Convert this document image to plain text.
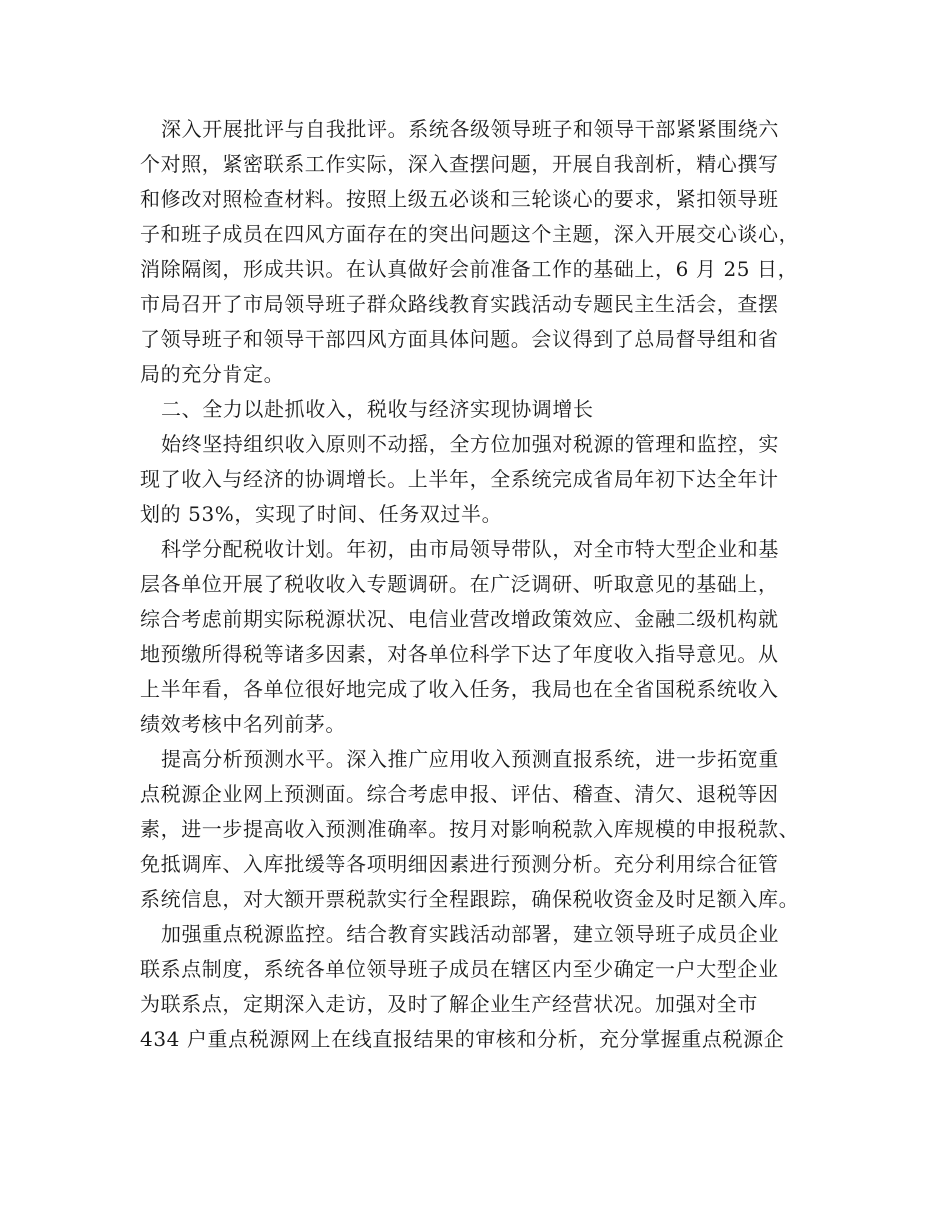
深入开展批评与自我批评。系统各级领导班子和领导干部紧紧围绕六
个对照，紧密联系工作实际，深入查摆问题，开展自我剖析，精心撰写
和修改对照检查材料。按照上级五必谈和三轮谈心的要求，紧扣领导班
子和班子成员在四风方面存在的突出问题这个主题，深入开展交心谈心，
消除隔阂，形成共识。在认真做好会前准备工作的基础上，6 月 25 日，
市局召开了市局领导班子群众路线教育实践活动专题民主生活会，查摆
了领导班子和领导干部四风方面具体问题。会议得到了总局督导组和省
局的充分肯定。
二、全力以赴抓收入，税收与经济实现协调增长
始终坚持组织收入原则不动摇，全方位加强对税源的管理和监控，实
现了收入与经济的协调增长。上半年，全系统完成省局年初下达全年计
划的 53%，实现了时间、任务双过半。
科学分配税收计划。年初，由市局领导带队，对全市特大型企业和基
层各单位开展了税收收入专题调研。在广泛调研、听取意见的基础上，
综合考虑前期实际税源状况、电信业营改增政策效应、金融二级机构就
地预缴所得税等诸多因素，对各单位科学下达了年度收入指导意见。从
上半年看，各单位很好地完成了收入任务，我局也在全省国税系统收入
绩效考核中名列前茅。
提高分析预测水平。深入推广应用收入预测直报系统，进一步拓宽重
点税源企业网上预测面。综合考虑申报、评估、稽查、清欠、退税等因
素，进一步提高收入预测准确率。按月对影响税款入库规模的申报税款、
免抵调库、入库批缓等各项明细因素进行预测分析。充分利用综合征管
系统信息，对大额开票税款实行全程跟踪，确保税收资金及时足额入库。
加强重点税源监控。结合教育实践活动部署，建立领导班子成员企业
联系点制度，系统各单位领导班子成员在辖区内至少确定一户大型企业
为联系点，定期深入走访，及时了解企业生产经营状况。加强对全市
434 户重点税源网上在线直报结果的审核和分析，充分掌握重点税源企
